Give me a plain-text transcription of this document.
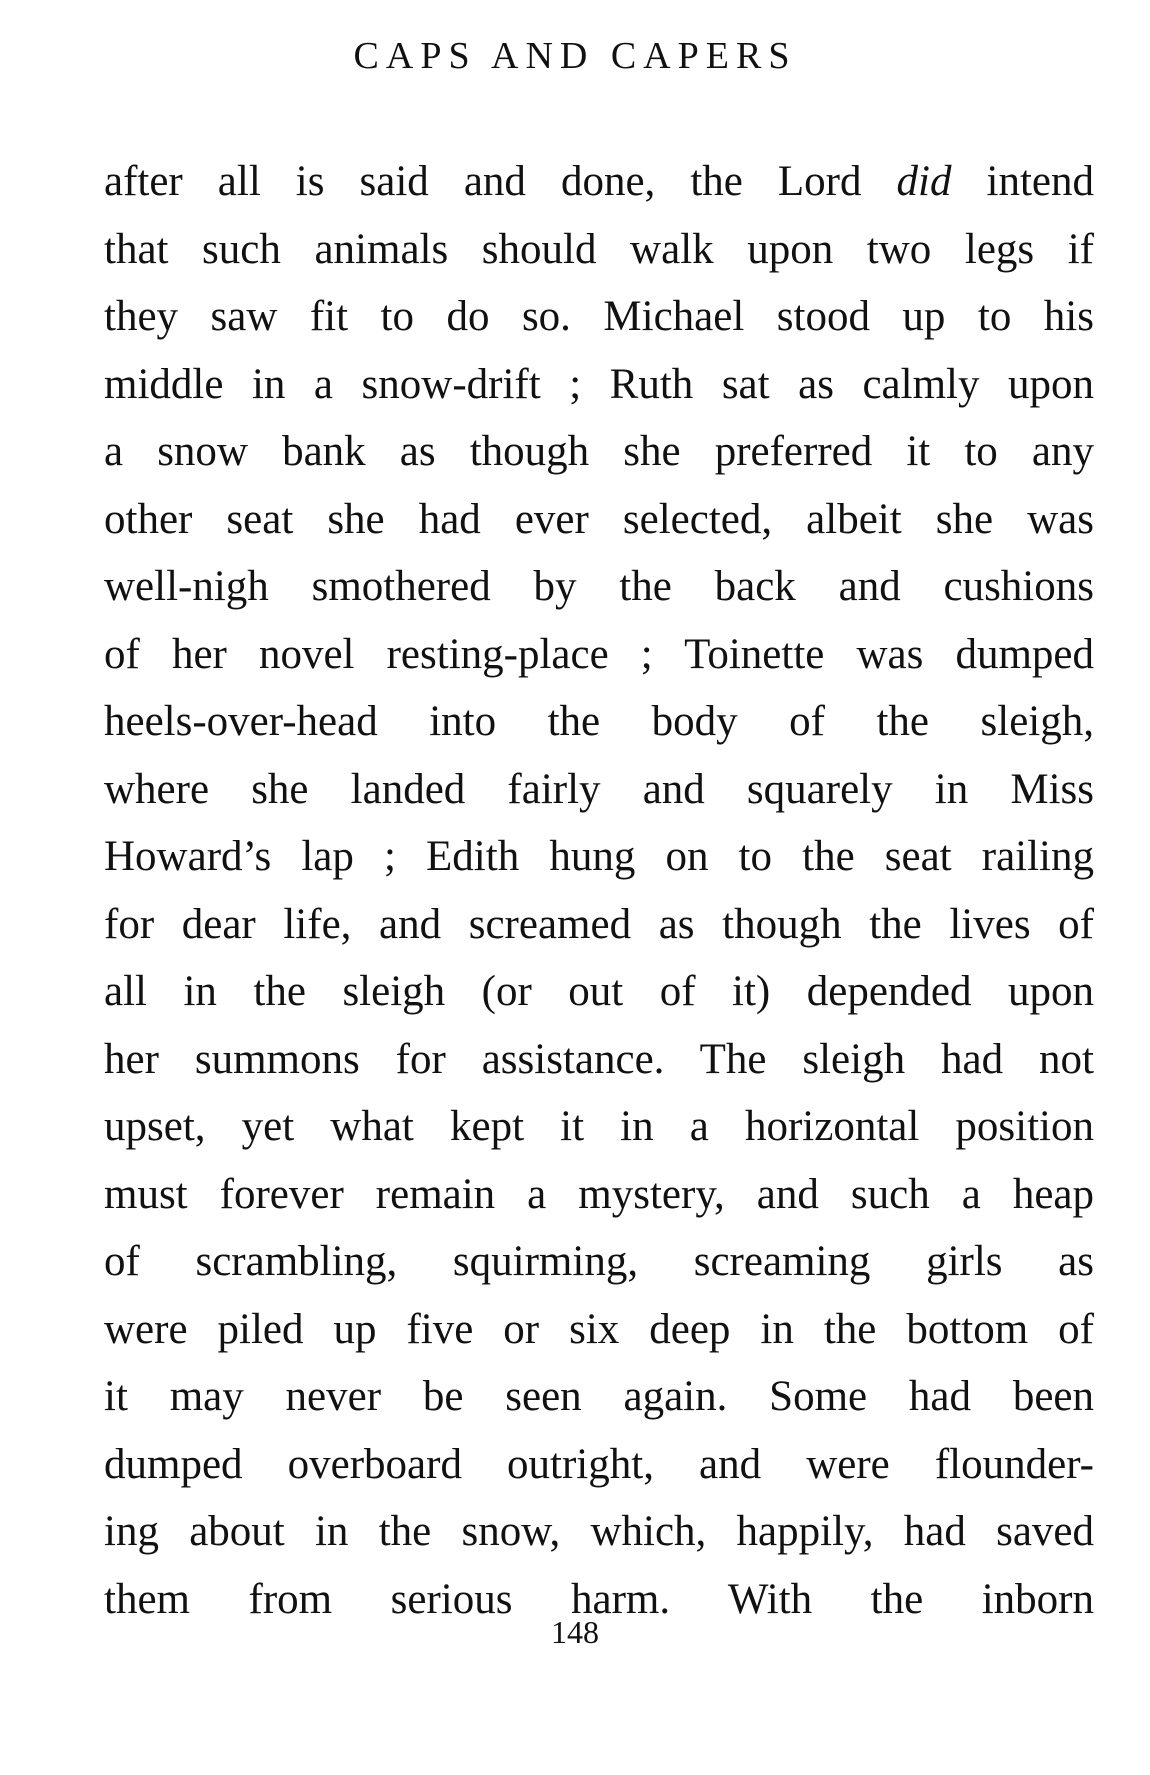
CAPS AND CAPERS
after all is said and done, the Lord did intend
that such animals should walk upon two legs if
they saw fit to do so. Michael stood up to his
middle in a snow-drift ; Ruth sat as calmly upon
a snow bank as though she preferred it to any
other seat she had ever selected, albeit she was
well-nigh smothered by the back and cushions
of her novel resting-place ; Toinette was dumped
heels-over-head into the body of the sleigh,
where she landed fairly and squarely in Miss
Howard’s lap ; Edith hung on to the seat railing
for dear life, and screamed as though the lives of
all in the sleigh (or out of it) depended upon
her summons for assistance. The sleigh had not
upset, yet what kept it in a horizontal position
must forever remain a mystery, and such a heap
of scrambling, squirming, screaming girls as
were piled up five or six deep in the bottom of
it may never be seen again. Some had been
dumped overboard outright, and were flounder-
ing about in the snow, which, happily, had saved
them from serious harm. With the inborn
148
